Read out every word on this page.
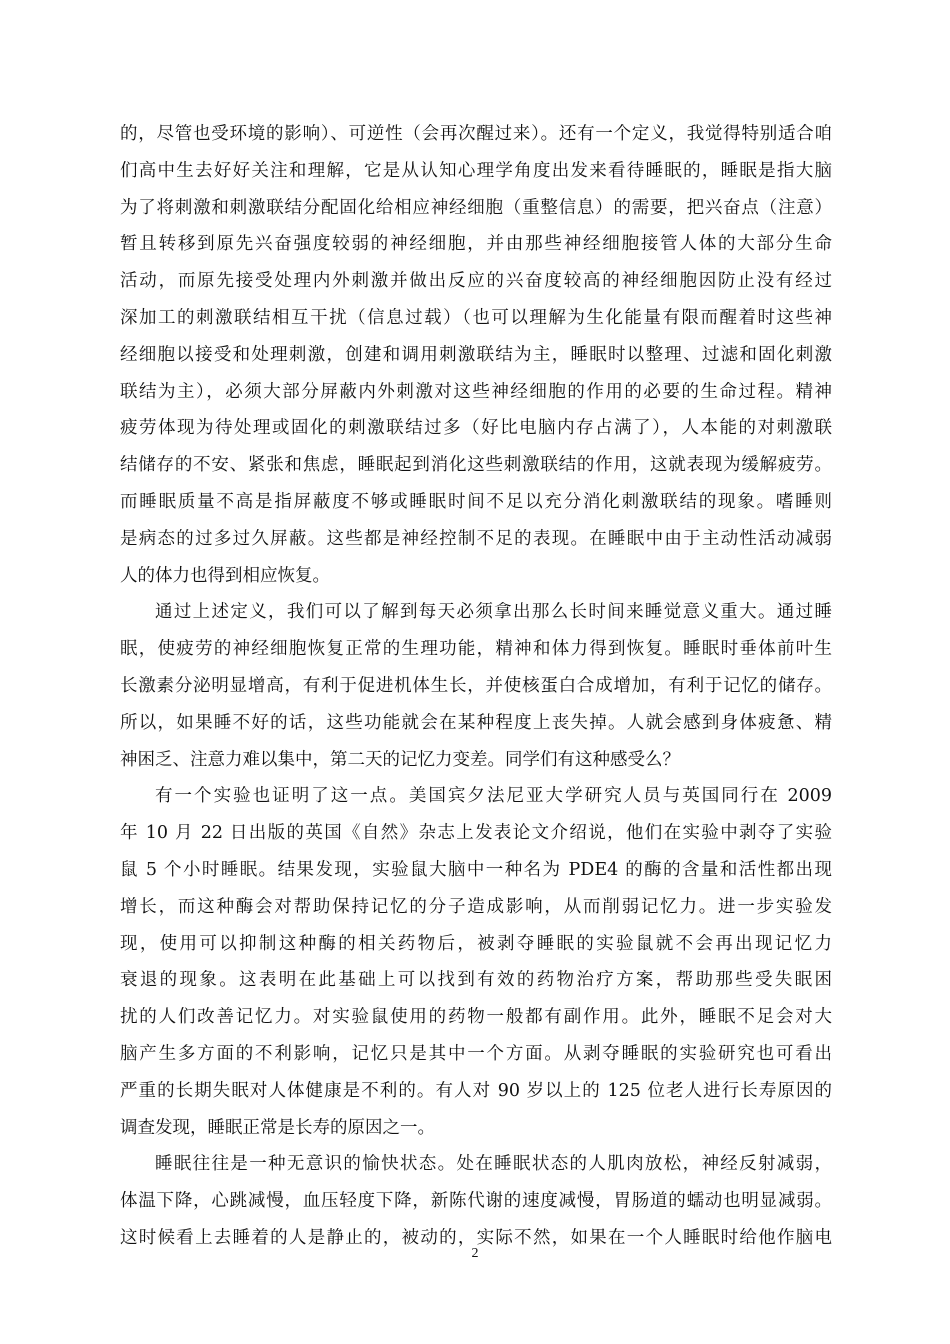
的，尽管也受环境的影响）、可逆性（会再次醒过来）。还有一个定义，我觉得特别适合咱
们高中生去好好关注和理解，它是从认知心理学角度出发来看待睡眠的，睡眠是指大脑
为了将刺激和刺激联结分配固化给相应神经细胞（重整信息）的需要，把兴奋点（注意）
暂且转移到原先兴奋强度较弱的神经细胞，并由那些神经细胞接管人体的大部分生命
活动，而原先接受处理内外刺激并做出反应的兴奋度较高的神经细胞因防止没有经过
深加工的刺激联结相互干扰（信息过载）（也可以理解为生化能量有限而醒着时这些神
经细胞以接受和处理刺激，创建和调用刺激联结为主，睡眠时以整理、过滤和固化刺激
联结为主），必须大部分屏蔽内外刺激对这些神经细胞的作用的必要的生命过程。精神
疲劳体现为待处理或固化的刺激联结过多（好比电脑内存占满了），人本能的对刺激联
结储存的不安、紧张和焦虑，睡眠起到消化这些刺激联结的作用，这就表现为缓解疲劳。
而睡眠质量不高是指屏蔽度不够或睡眠时间不足以充分消化刺激联结的现象。嗜睡则
是病态的过多过久屏蔽。这些都是神经控制不足的表现。在睡眠中由于主动性活动减弱
人的体力也得到相应恢复。
通过上述定义，我们可以了解到每天必须拿出那么长时间来睡觉意义重大。通过睡
眠，使疲劳的神经细胞恢复正常的生理功能，精神和体力得到恢复。睡眠时垂体前叶生
长激素分泌明显增高，有利于促进机体生长，并使核蛋白合成增加，有利于记忆的储存。
所以，如果睡不好的话，这些功能就会在某种程度上丧失掉。人就会感到身体疲惫、精
神困乏、注意力难以集中，第二天的记忆力变差。同学们有这种感受么？
有一个实验也证明了这一点。美国宾夕法尼亚大学研究人员与英国同行在 2009
年 10 月 22 日出版的英国《自然》杂志上发表论文介绍说，他们在实验中剥夺了实验
鼠 5 个小时睡眠。结果发现，实验鼠大脑中一种名为 PDE4 的酶的含量和活性都出现
增长，而这种酶会对帮助保持记忆的分子造成影响，从而削弱记忆力。进一步实验发
现，使用可以抑制这种酶的相关药物后，被剥夺睡眠的实验鼠就不会再出现记忆力
衰退的现象。这表明在此基础上可以找到有效的药物治疗方案，帮助那些受失眠困
扰的人们改善记忆力。对实验鼠使用的药物一般都有副作用。此外，睡眠不足会对大
脑产生多方面的不利影响，记忆只是其中一个方面。从剥夺睡眠的实验研究也可看出
严重的长期失眠对人体健康是不利的。有人对 90 岁以上的 125 位老人进行长寿原因的
调查发现，睡眠正常是长寿的原因之一。
睡眠往往是一种无意识的愉快状态。处在睡眠状态的人肌肉放松，神经反射减弱，
体温下降，心跳减慢，血压轻度下降，新陈代谢的速度减慢，胃肠道的蠕动也明显减弱。
这时候看上去睡着的人是静止的，被动的，实际不然，如果在一个人睡眠时给他作脑电
2
